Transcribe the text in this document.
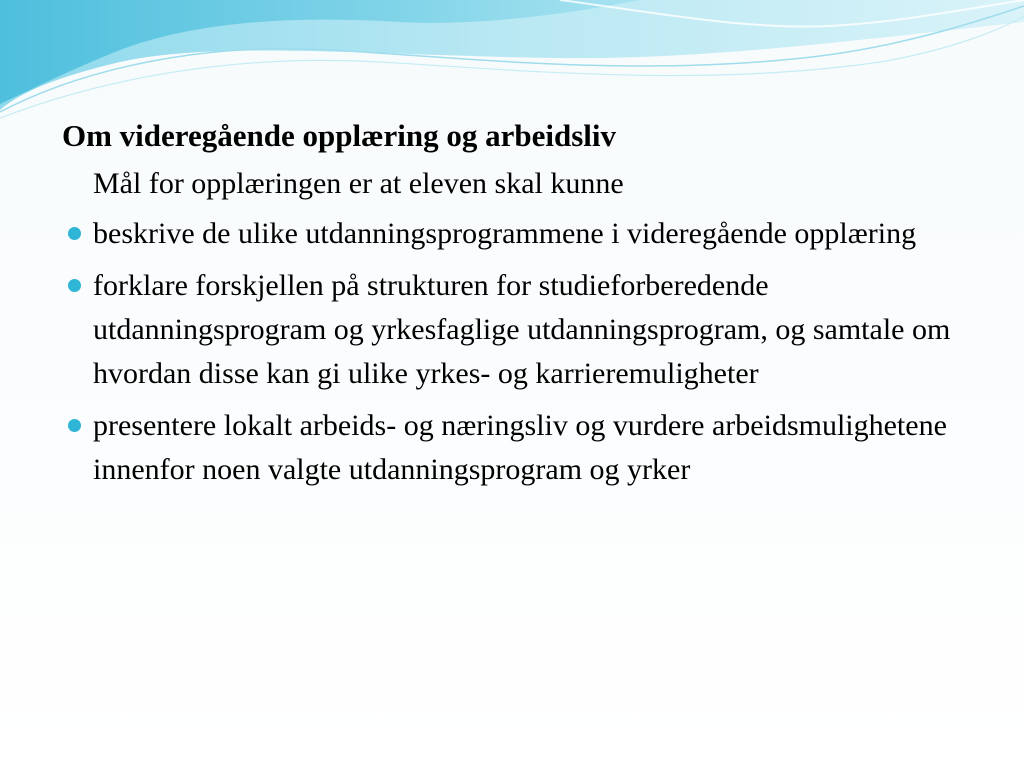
Om videregående opplæring og arbeidsliv

Mål for opplæringen er at eleven skal kunne

beskrive de ulike utdanningsprogrammene i videregående opplæring
forklare forskjellen på strukturen for studieforberedende utdanningsprogram og yrkesfaglige utdanningsprogram, og samtale om hvordan disse kan gi ulike yrkes- og karrieremuligheter
presentere lokalt arbeids- og næringsliv og vurdere arbeidsmulighetene innenfor noen valgte utdanningsprogram og yrker
